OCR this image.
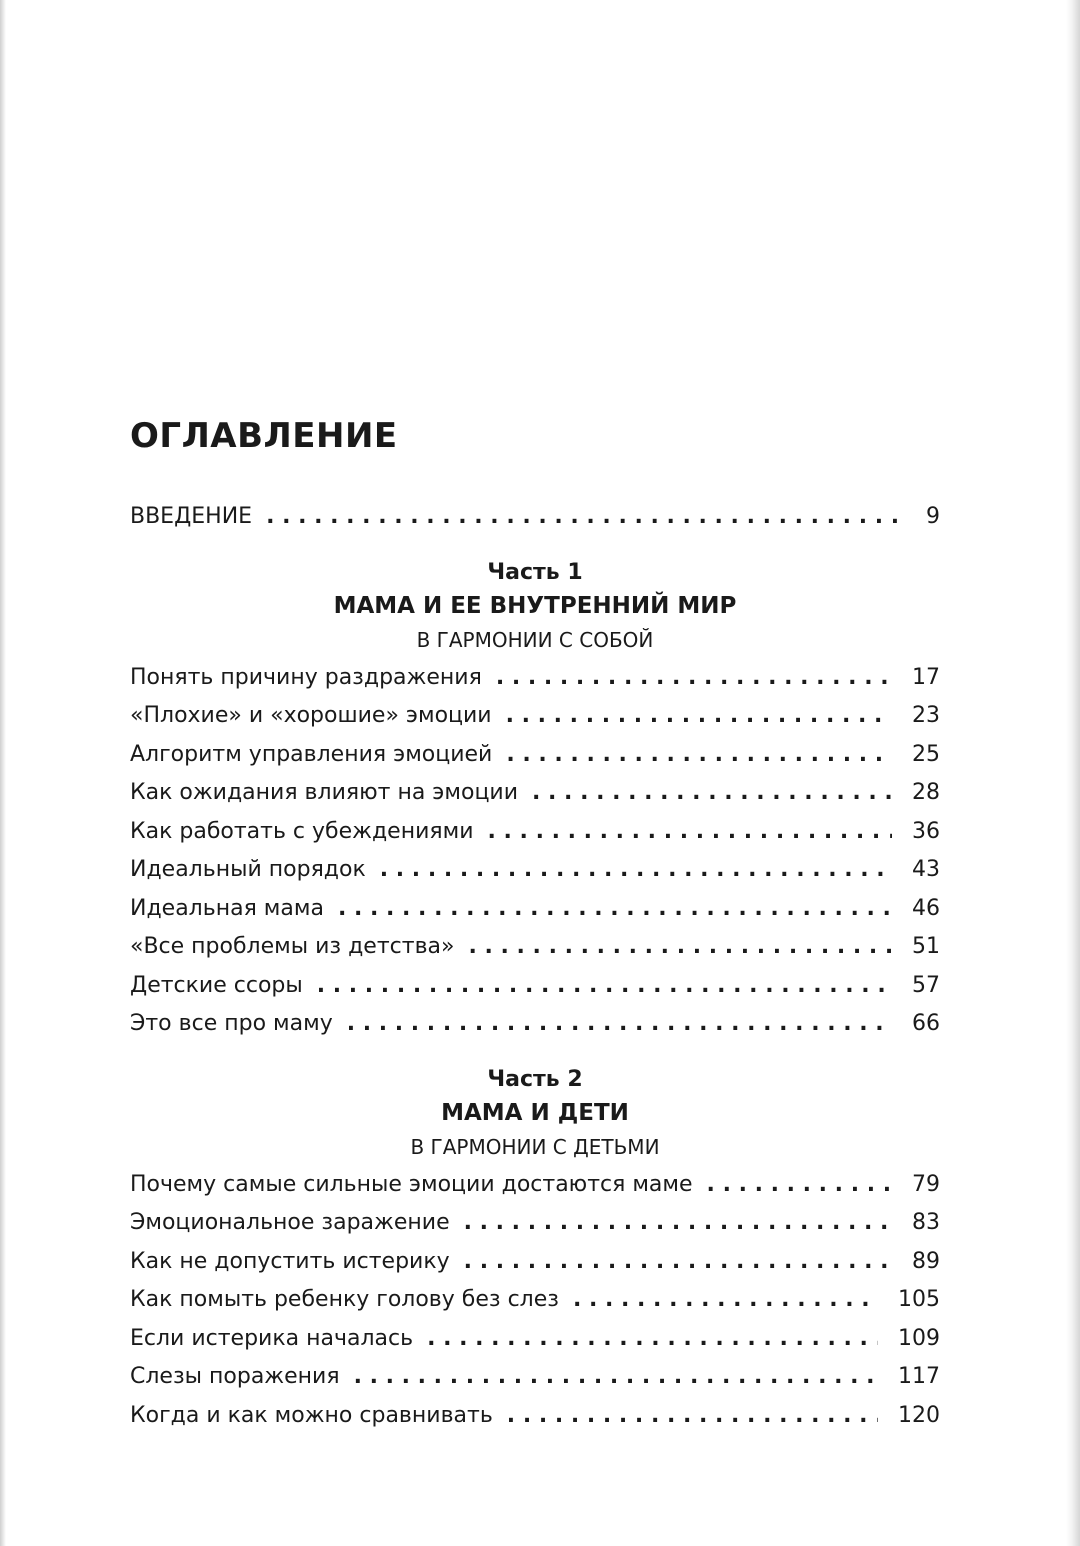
ОГЛАВЛЕНИЕ
ВВЕДЕНИЕ . . .	9
Часть 1
МАМА И ЕЕ ВНУТРЕННИЙ МИР
В ГАРМОНИИ С СОБОЙ
Понять причину раздражения . . .	17
«Плохие» и «хорошие» эмоции . . .	23
Алгоритм управления эмоцией . . .	25
Как ожидания влияют на эмоции . . .	28
Как работать с убеждениями . . .	36
Идеальный порядок . . .	43
Идеальная мама . . .	46
«Все проблемы из детства» . . .	51
Детские ссоры . . .	57
Это все про маму . . .	66
Часть 2
МАМА И ДЕТИ
В ГАРМОНИИ С ДЕТЬМИ
Почему самые сильные эмоции достаются маме . . .	79
Эмоциональное заражение . . .	83
Как не допустить истерику . . .	89
Как помыть ребенку голову без слез . . .	105
Если истерика началась . . .	109
Слезы поражения . . .	117
Когда и как можно сравнивать . . .	120
